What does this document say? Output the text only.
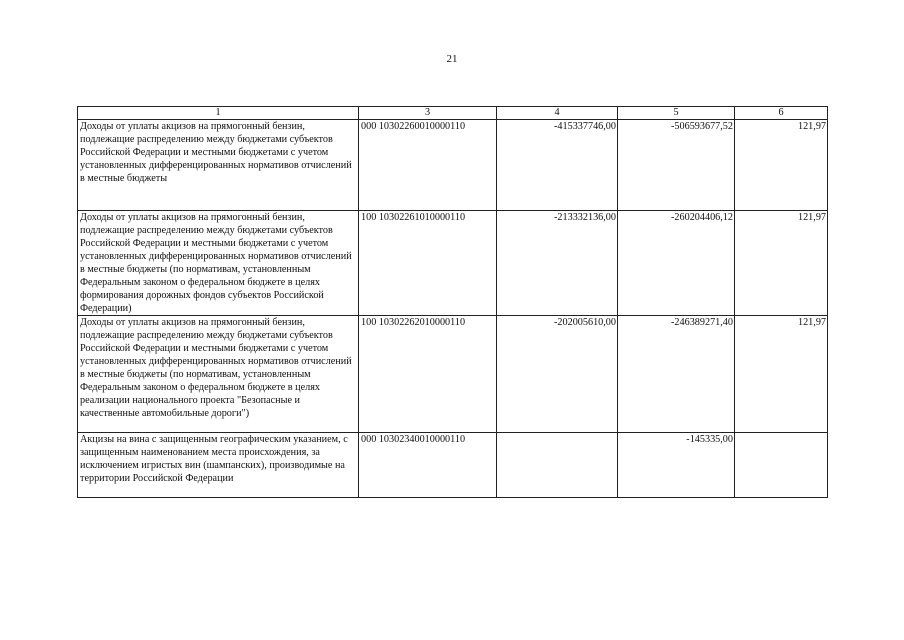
21
1	3	4	5	6
Доходы от уплаты акцизов на прямогонный бензин, подлежащие распределению между бюджетами субъектов Российской Федерации и местными бюджетами с учетом установленных дифференцированных нормативов отчислений в местные бюджеты	000 10302260010000110	-415337746,00	-506593677,52	121,97
Доходы от уплаты акцизов на прямогонный бензин, подлежащие распределению между бюджетами субъектов Российской Федерации и местными бюджетами с учетом установленных дифференцированных нормативов отчислений в местные бюджеты (по нормативам, установленным Федеральным законом о федеральном бюджете в целях формирования дорожных фондов субъектов Российской Федерации)	100 10302261010000110	-213332136,00	-260204406,12	121,97
Доходы от уплаты акцизов на прямогонный бензин, подлежащие распределению между бюджетами субъектов Российской Федерации и местными бюджетами с учетом установленных дифференцированных нормативов отчислений в местные бюджеты (по нормативам, установленным Федеральным законом о федеральном бюджете в целях реализации национального проекта "Безопасные и качественные автомобильные дороги")	100 10302262010000110	-202005610,00	-246389271,40	121,97
Акцизы на вина с защищенным географическим указанием, с защищенным наименованием места происхождения, за исключением игристых вин (шампанских), производимые на территории Российской Федерации	000 10302340010000110		-145335,00	
